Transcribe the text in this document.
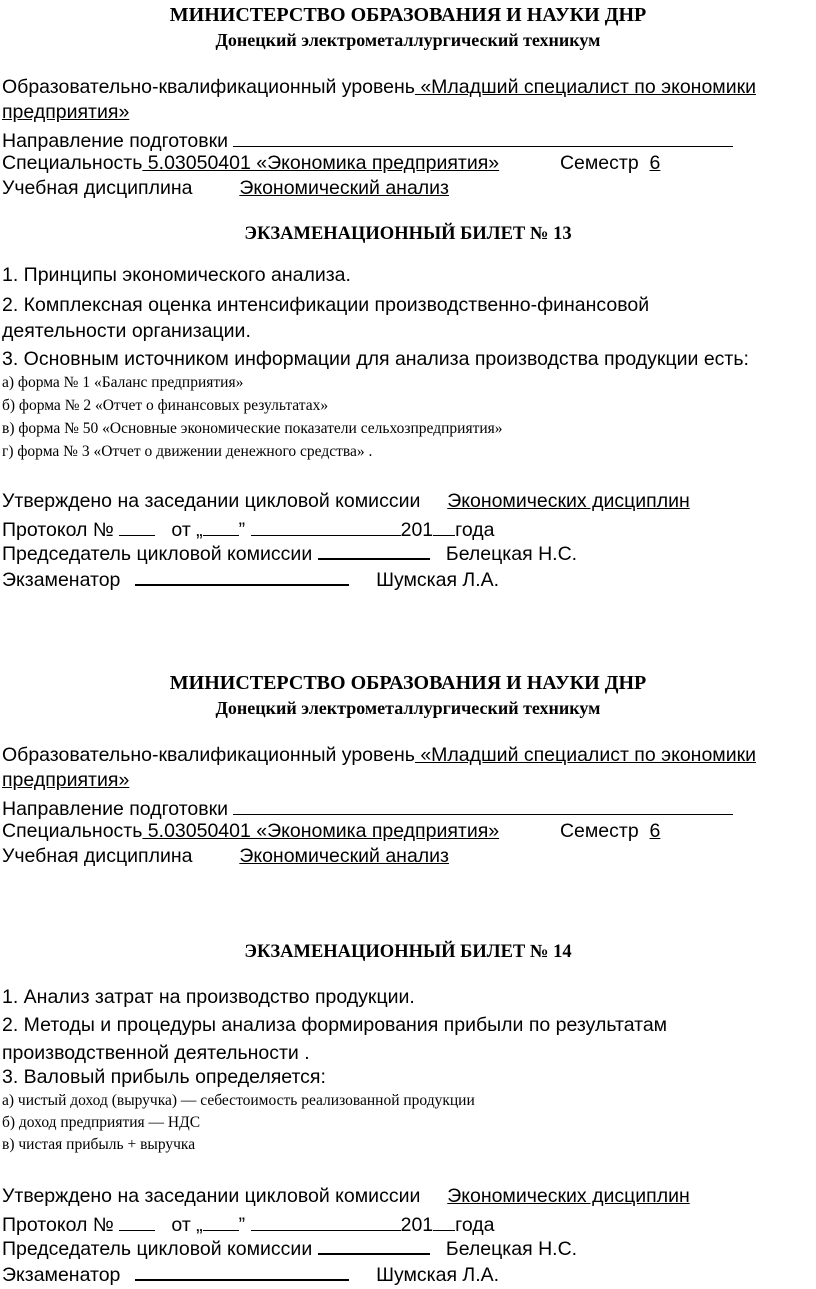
МИНИСТЕРСТВО ОБРАЗОВАНИЯ И НАУКИ ДНР
Донецкий электрометаллургический техникум
Образовательно-квалификационный уровень «Младший специалист по экономики
предприятия»
Направление подготовки
Специальность 5.03050401 «Экономика предприятия»	Семестр 6
Учебная дисциплина Экономический анализ
ЭКЗАМЕНАЦИОННЫЙ БИЛЕТ № 13
1. Принципы экономического анализа.
2. Комплексная оценка интенсификации производственно-финансовой
деятельности организации.
3. Основным источником информации для анализа производства продукции есть:
а) форма № 1 «Баланс предприятия»
б) форма № 2 «Отчет о финансовых результатах»
в) форма № 50 «Основные экономические показатели сельхозпредприятия»
г) форма № 3 «Отчет о движении денежного средства» .
Утверждено на заседании цикловой комиссии Экономических дисциплин
Протокол №	от „ ”	201 года
Председатель цикловой комиссии	Белецкая Н.С.
Экзаменатор	Шумская Л.А.
МИНИСТЕРСТВО ОБРАЗОВАНИЯ И НАУКИ ДНР
Донецкий электрометаллургический техникум
Образовательно-квалификационный уровень «Младший специалист по экономики
предприятия»
Направление подготовки
Специальность 5.03050401 «Экономика предприятия»	Семестр 6
Учебная дисциплина Экономический анализ
ЭКЗАМЕНАЦИОННЫЙ БИЛЕТ № 14
1. Анализ затрат на производство продукции.
2. Методы и процедуры анализа формирования прибыли по результатам
производственной деятельности .
3. Валовый прибыль определяется:
а) чистый доход (выручка) — себестоимость реализованной продукции
б) доход предприятия — НДС
в) чистая прибыль + выручка
Утверждено на заседании цикловой комиссии Экономических дисциплин
Протокол №	от „ ”	201 года
Председатель цикловой комиссии	Белецкая Н.С.
Экзаменатор	Шумская Л.А.
